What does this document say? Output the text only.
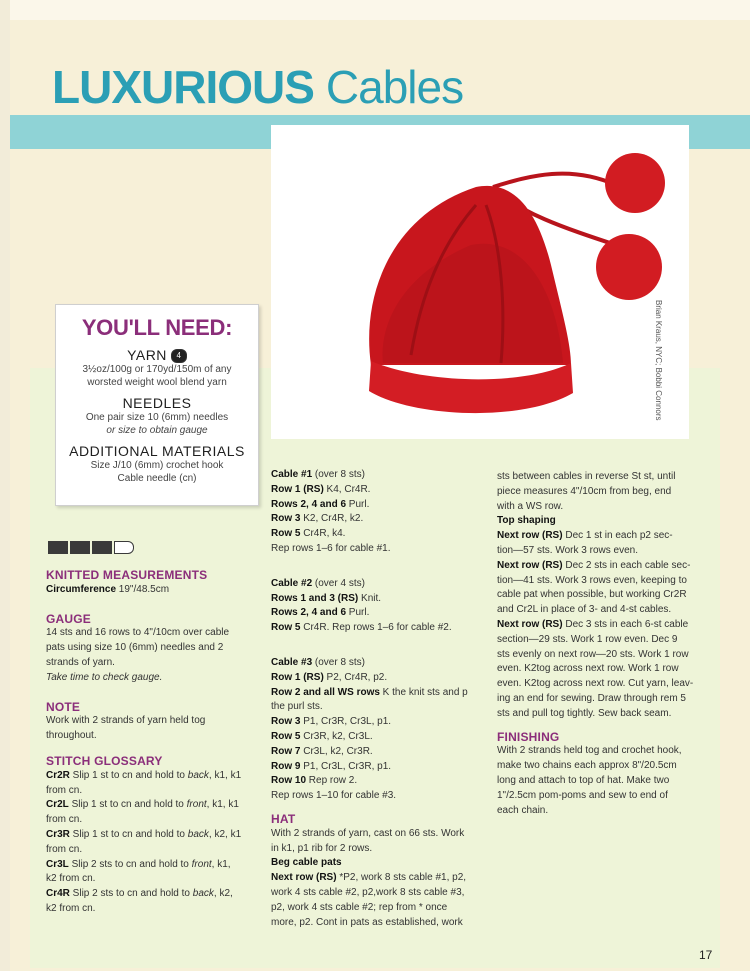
LUXURIOUS Cables
Brian Kraus, NYC; Bobbi Connors
YOU'LL NEED:
YARN 4
3½oz/100g or 170yd/150m of any
worsted weight wool blend yarn
NEEDLES
One pair size 10 (6mm) needles
or size to obtain gauge
ADDITIONAL MATERIALS
Size J/10 (6mm) crochet hook
Cable needle (cn)

KNITTED MEASUREMENTS

Circumference 19"/48.5cm

GAUGE

14 sts and 16 rows to 4"/10cm over cable

pats using size 10 (6mm) needles and 2

strands of yarn.

Take time to check gauge.

NOTE

Work with 2 strands of yarn held tog

throughout.

STITCH GLOSSARY

Cr2R Slip 1 st to cn and hold to back, k1, k1

from cn.

Cr2L Slip 1 st to cn and hold to front, k1, k1

from cn.

Cr3R Slip 1 st to cn and hold to back, k2, k1

from cn.

Cr3L Slip 2 sts to cn and hold to front, k1,

k2 from cn.

Cr4R Slip 2 sts to cn and hold to back, k2,

k2 from cn.

Cable #1 (over 8 sts)

Row 1 (RS) K4, Cr4R.

Rows 2, 4 and 6 Purl.

Row 3 K2, Cr4R, k2.

Row 5 Cr4R, k4.

Rep rows 1–6 for cable #1.

Cable #2 (over 4 sts)

Rows 1 and 3 (RS) Knit.

Rows 2, 4 and 6 Purl.

Row 5 Cr4R. Rep rows 1–6 for cable #2.

Cable #3 (over 8 sts)

Row 1 (RS) P2, Cr4R, p2.

Row 2 and all WS rows K the knit sts and p

the purl sts.

Row 3 P1, Cr3R, Cr3L, p1.

Row 5 Cr3R, k2, Cr3L.

Row 7 Cr3L, k2, Cr3R.

Row 9 P1, Cr3L, Cr3R, p1.

Row 10 Rep row 2.

Rep rows 1–10 for cable #3.

HAT

With 2 strands of yarn, cast on 66 sts. Work

in k1, p1 rib for 2 rows.

Beg cable pats

Next row (RS) *P2, work 8 sts cable #1, p2,

work 4 sts cable #2, p2,work 8 sts cable #3,

p2, work 4 sts cable #2; rep from * once

more, p2. Cont in pats as established, work

sts between cables in reverse St st, until

piece measures 4"/10cm from beg, end

with a WS row.

Top shaping

Next row (RS) Dec 1 st in each p2 sec-

tion—57 sts. Work 3 rows even.

Next row (RS) Dec 2 sts in each cable sec-

tion—41 sts. Work 3 rows even, keeping to

cable pat when possible, but working Cr2R

and Cr2L in place of 3- and 4-st cables.

Next row (RS) Dec 3 sts in each 6-st cable

section—29 sts. Work 1 row even. Dec 9

sts evenly on next row—20 sts. Work 1 row

even. K2tog across next row. Work 1 row

even. K2tog across next row. Cut yarn, leav-

ing an end for sewing. Draw through rem 5

sts and pull tog tightly. Sew back seam.

FINISHING

With 2 strands held tog and crochet hook,

make two chains each approx 8"/20.5cm

long and attach to top of hat. Make two

1"/2.5cm pom-poms and sew to end of

each chain.

17
